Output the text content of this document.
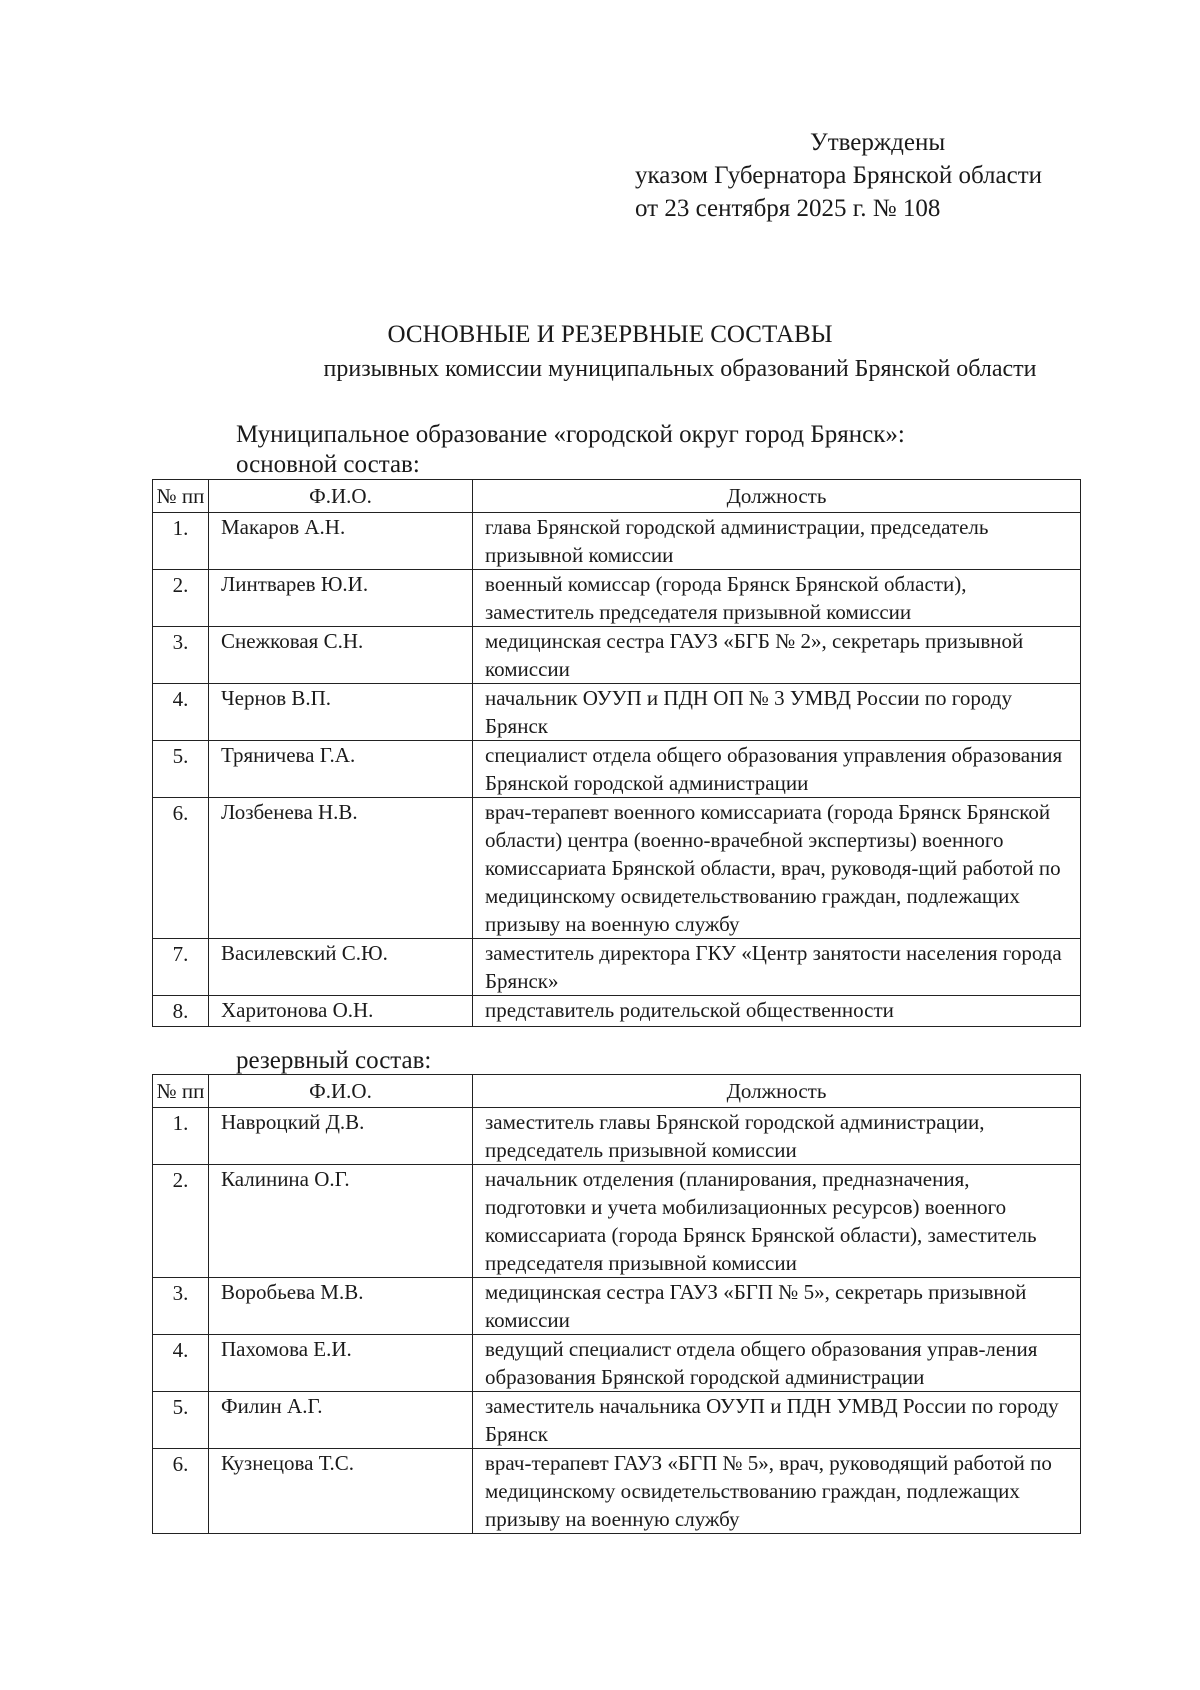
Утверждены
указом Губернатора Брянской области
от 23 сентября 2025 г. № 108
ОСНОВНЫЕ И РЕЗЕРВНЫЕ СОСТАВЫ
призывных комиссии муниципальных образований Брянской области
Муниципальное образование «городской округ город Брянск»:
основной состав:
№ пп	Ф.И.О.	Должность
1.	Макаров А.Н.	глава Брянской городской администрации, председатель призывной комиссии
2.	Линтварев Ю.И.	военный комиссар (города Брянск Брянской области), заместитель председателя призывной комиссии
3.	Снежковая С.Н.	медицинская сестра ГАУЗ «БГБ № 2», секретарь призывной комиссии
4.	Чернов В.П.	начальник ОУУП и ПДН ОП № 3 УМВД России по городу Брянск
5.	Тряничева Г.А.	специалист отдела общего образования управления образования Брянской городской администрации
6.	Лозбенева Н.В.	врач-терапевт военного комиссариата (города Брянск Брянской области) центра (военно-врачебной экспертизы) военного комиссариата Брянской области, врач, руководя-щий работой по медицинскому освидетельствованию граждан, подлежащих призыву на военную службу
7.	Василевский С.Ю.	заместитель директора ГКУ «Центр занятости населения города Брянск»
8.	Харитонова О.Н.	представитель родительской общественности
резервный состав:
№ пп	Ф.И.О.	Должность
1.	Навроцкий Д.В.	заместитель главы Брянской городской администрации, председатель призывной комиссии
2.	Калинина О.Г.	начальник отделения (планирования, предназначения, подготовки и учета мобилизационных ресурсов) военного комиссариата (города Брянск Брянской области), заместитель председателя призывной комиссии
3.	Воробьева М.В.	медицинская сестра ГАУЗ «БГП № 5», секретарь призывной комиссии
4.	Пахомова Е.И.	ведущий специалист отдела общего образования управ-ления образования Брянской городской администрации
5.	Филин А.Г.	заместитель начальника ОУУП и ПДН УМВД России по городу Брянск
6.	Кузнецова Т.С.	врач-терапевт ГАУЗ «БГП № 5», врач, руководящий работой по медицинскому освидетельствованию граждан, подлежащих призыву на военную службу
